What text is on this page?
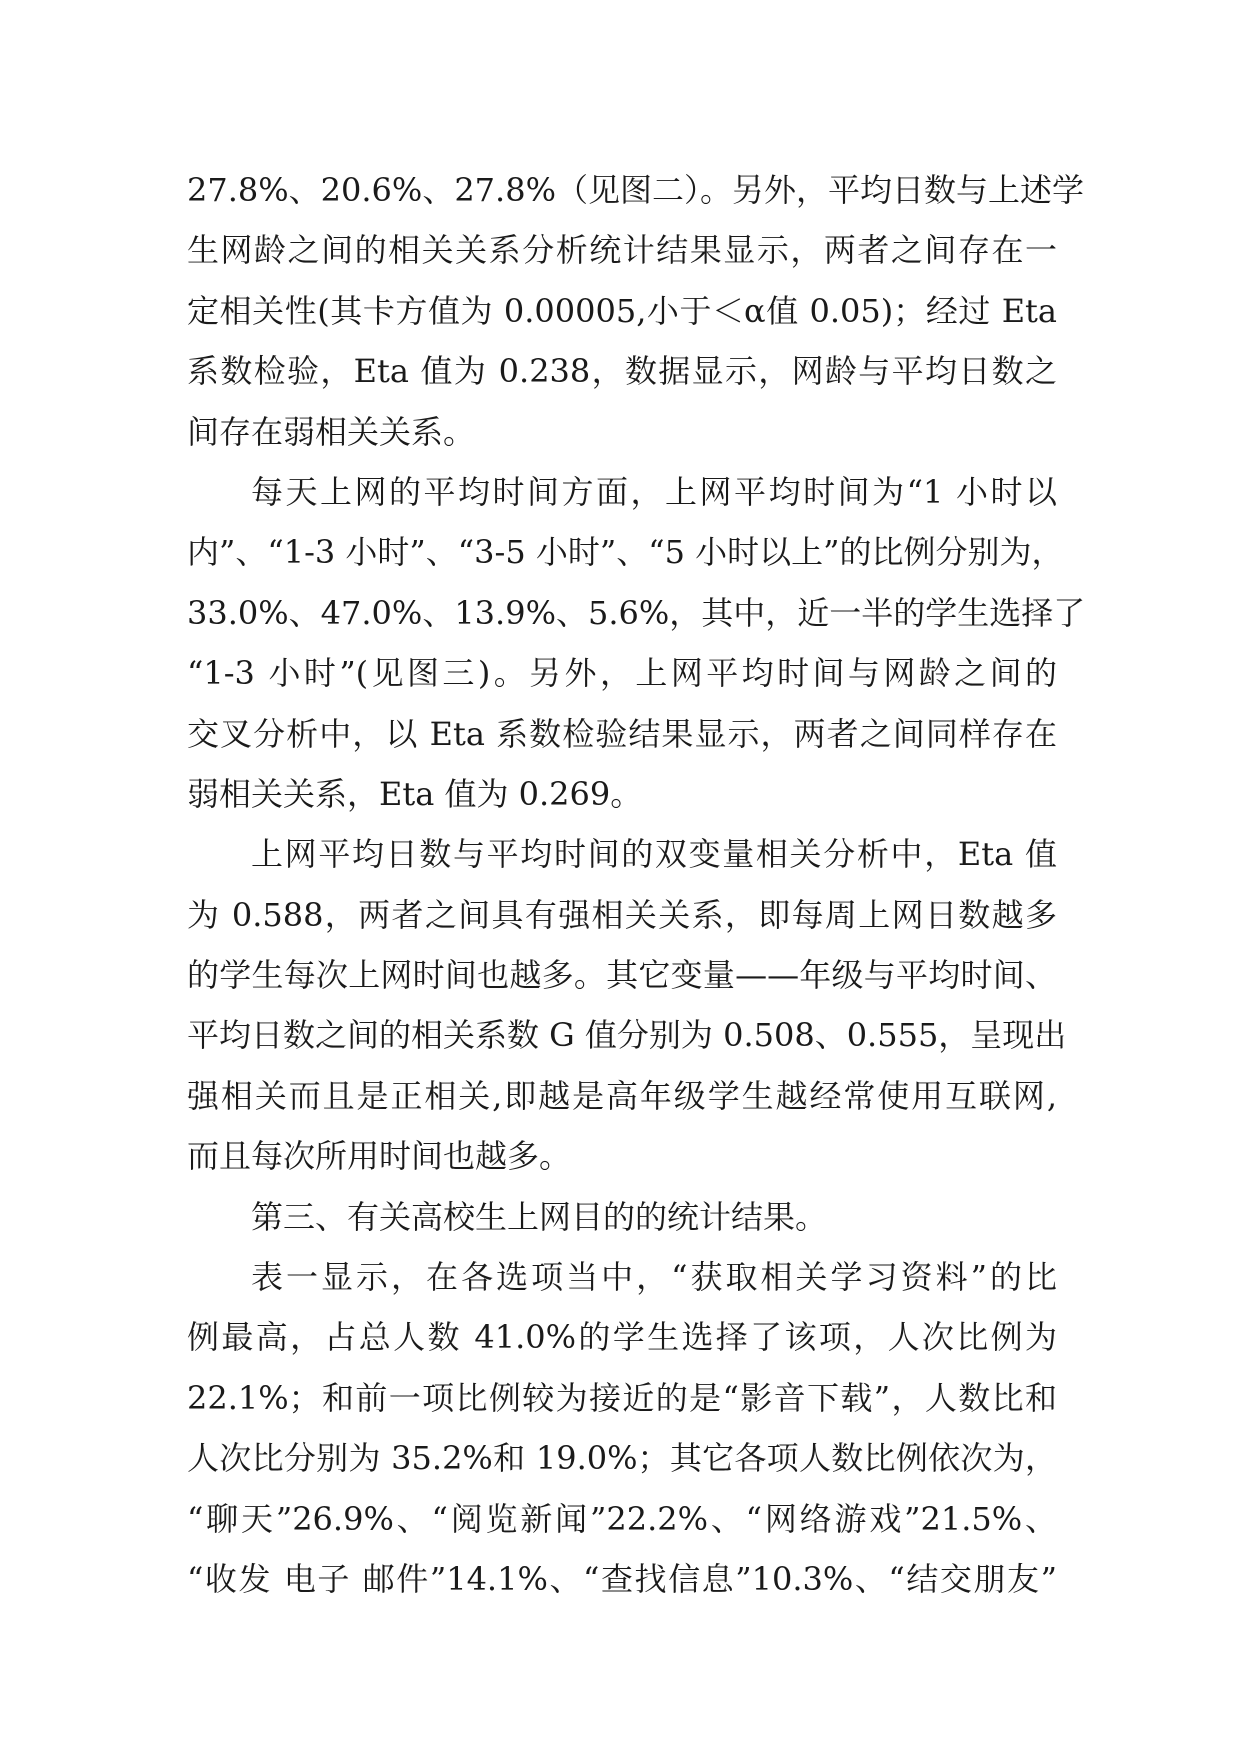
27.8%、20.6%、27.8%（见图二）。另外，平均日数与上述学
生网龄之间的相关关系分析统计结果显示，两者之间存在一
定相关性(其卡方值为 0.00005,小于＜α值 0.05)；经过 Eta
系数检验，Eta 值为 0.238，数据显示，网龄与平均日数之
间存在弱相关关系。
每天上网的平均时间方面，上网平均时间为“1 小时以
内”、“1-3 小时”、“3-5 小时”、“5 小时以上”的比例分别为，
33.0%、47.0%、13.9%、5.6%，其中，近一半的学生选择了
“1-3 小时”(见图三)。另外，上网平均时间与网龄之间的
交叉分析中，以 Eta 系数检验结果显示，两者之间同样存在
弱相关关系，Eta 值为 0.269。
上网平均日数与平均时间的双变量相关分析中，Eta 值
为 0.588，两者之间具有强相关关系，即每周上网日数越多
的学生每次上网时间也越多。其它变量——年级与平均时间、
平均日数之间的相关系数 G 值分别为 0.508、0.555，呈现出
强相关而且是正相关,即越是高年级学生越经常使用互联网,
而且每次所用时间也越多。
第三、有关高校生上网目的的统计结果。
表一显示，在各选项当中，“获取相关学习资料”的比
例最高，占总人数 41.0%的学生选择了该项，人次比例为
22.1%；和前一项比例较为接近的是“影音下载”，人数比和
人次比分别为 35.2%和 19.0%；其它各项人数比例依次为，
“聊天”26.9%、“阅览新闻”22.2%、“网络游戏”21.5%、
“收发 电子 邮件”14.1%、“查找信息”10.3%、“结交朋友”
